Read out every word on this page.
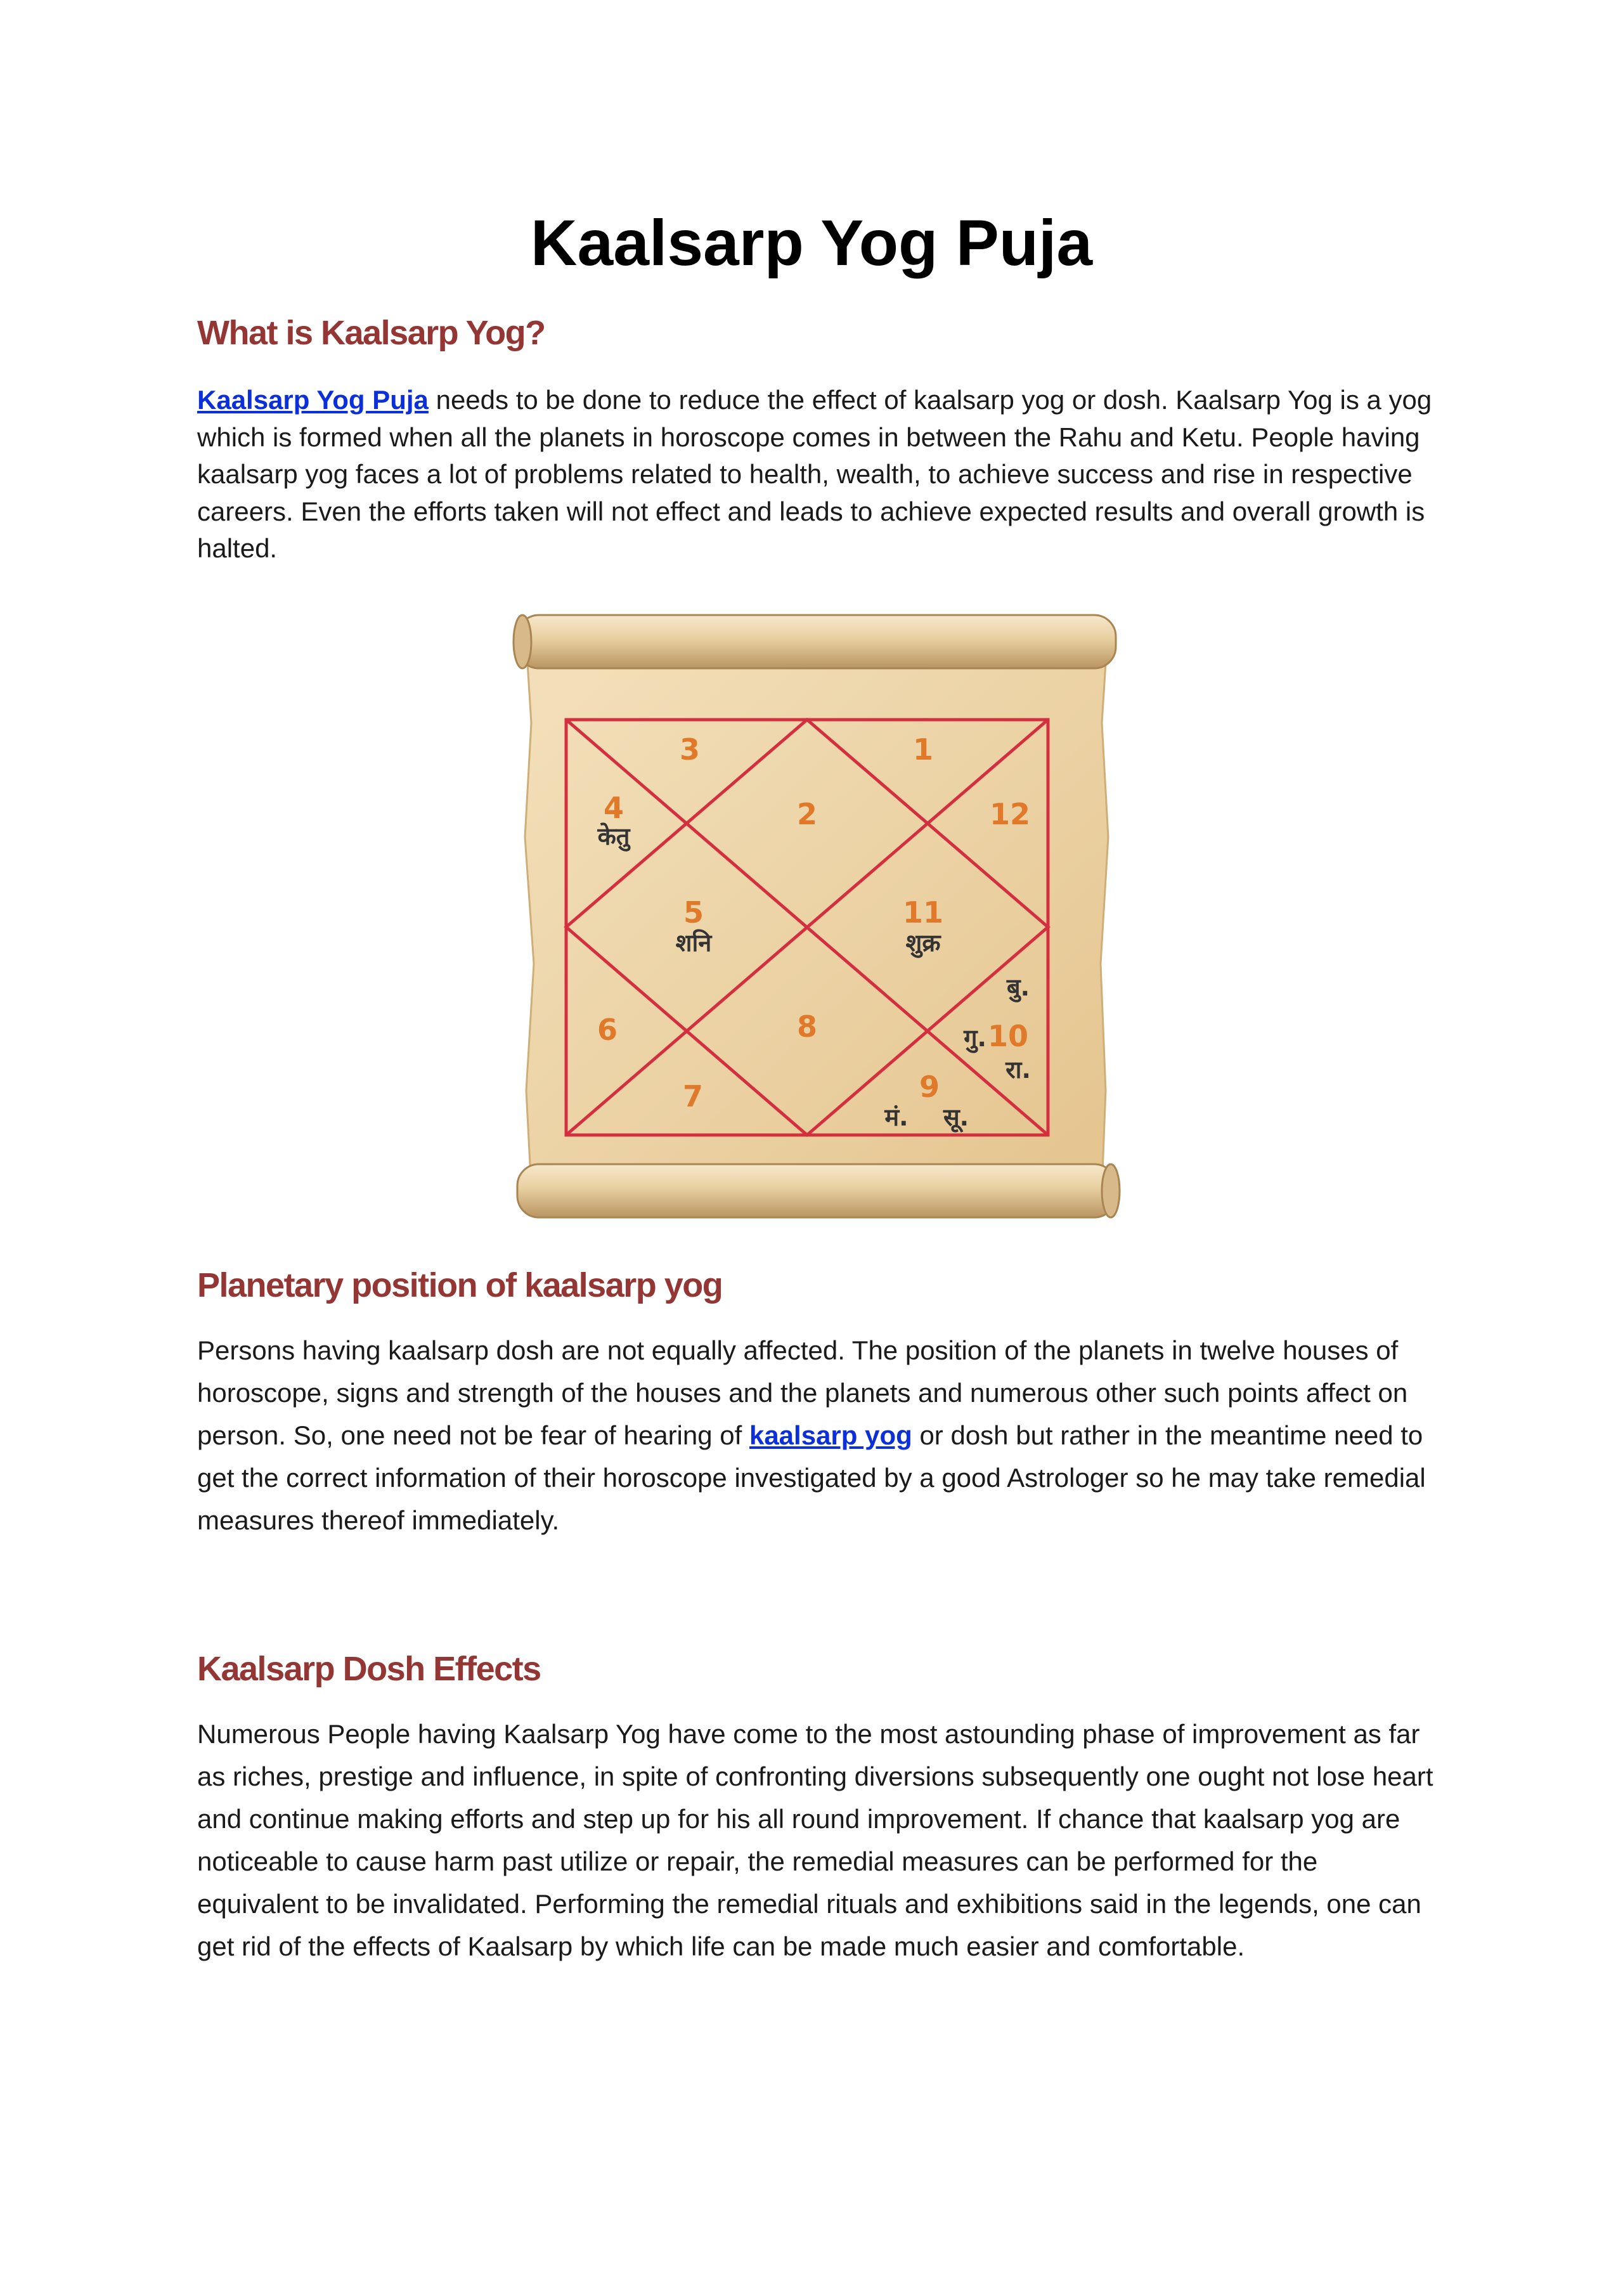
Kaalsarp Yog Puja
What is Kaalsarp Yog?

Kaalsarp Yog Puja needs to be done to reduce the effect of kaalsarp yog or dosh. Kaalsarp Yog is a yog which is formed when all the planets in horoscope comes in between the Rahu and Ketu. People having kaalsarp yog faces a lot of problems related to health, wealth, to achieve success and rise in respective careers. Even the efforts taken will not effect and leads to achieve expected results and overall growth is halted.

1
2
3
4
5
6
7
8
9
10
11
12
केतु
शनि	शुक्र
बु.
गु.
रा.
मं. सू.
Planetary position of kaalsarp yog

Persons having kaalsarp dosh are not equally affected. The position of the planets in twelve houses of horoscope, signs and strength of the houses and the planets and numerous other such points affect on person. So, one need not be fear of hearing of kaalsarp yog or dosh but rather in the meantime need to get the correct information of their horoscope investigated by a good Astrologer so he may take remedial measures thereof immediately.

Kaalsarp Dosh Effects

Numerous People having Kaalsarp Yog have come to the most astounding phase of improvement as far as riches, prestige and influence, in spite of confronting diversions subsequently one ought not lose heart and continue making efforts and step up for his all round improvement. If chance that kaalsarp yog are noticeable to cause harm past utilize or repair, the remedial measures can be performed for the equivalent to be invalidated. Performing the remedial rituals and exhibitions said in the legends, one can get rid of the effects of Kaalsarp by which life can be made much easier and comfortable.
